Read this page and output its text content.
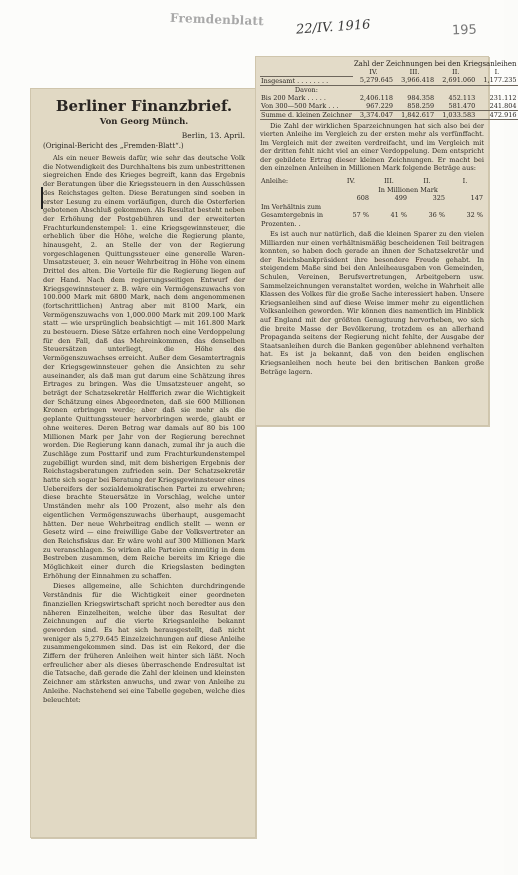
Fremdenblatt	22/IV. 1916	195
Berliner Finanzbrief.
Von Georg Münch.
Berlin, 13. April.
(Original-Bericht des „Fremden-Blatt“.)

Als ein neuer Beweis dafür, wie sehr das deutsche Volk die Notwendigkeit des Durchhaltens bis zum unbestrittenen siegreichen Ende des Krieges begreift, kann das Ergebnis der Beratungen über die Kriegssteuern in den Ausschüssen des Reichstages gelten. Diese Beratungen sind soeben in erster Lesung zu einem vorläufigen, durch die Osterferien gebotenen Abschluß gekommen. Als Resultat besteht neben der Erhöhung der Postgebühren und der erweiterten Frachturkundenstempel: 1. eine Kriegsgewinnsteuer, die erheblich über die Höhe, welche die Regierung plante, hinausgeht, 2. an Stelle der von der Regierung vorgeschlagenen Quittungssteuer eine generelle Waren-Umsatzsteuer, 3. ein neuer Wehrbeitrag in Höhe von einem Drittel des alten. Die Vorteile für die Regierung liegen auf der Hand. Nach dem regierungsseitigen Entwurf der Kriegsgewinnsteuer z. B. wäre ein Vermögenszuwachs von 100.000 Mark mit 6800 Mark, nach dem angenommenen (fortschrittlichen) Antrag aber mit 8100 Mark, ein Vermögenszuwachs von 1,000.000 Mark mit 209.100 Mark statt — wie ursprünglich beabsichtigt — mit 161.800 Mark zu besteuern. Diese Sätze erfahren noch eine Verdoppelung für den Fall, daß das Mehreinkommen, das denselben Steuersätzen unterliegt, die Höhe des Vermögenszuwachses erreicht. Außer dem Gesamtertragnis der Kriegsgewinnsteuer gehen die Ansichten zu sehr auseinander, als daß man gut darum eine Schätzung ihres Ertrages zu bringen. Was die Umsatzsteuer angeht, so beträgt der Schatzsekretär Helfferich zwar die Wichtigkeit der Schätzung eines Abgeordneten, daß sie 600 Millionen Kronen erbringen werde; aber daß sie mehr als die geplante Quittungssteuer hervorbringen werde, glaubt er ohne weiteres. Deren Betrag war damals auf 80 bis 100 Millionen Mark per Jahr von der Regierung berechnet worden. Die Regierung kann danach, zumal ihr ja auch die Zuschläge zum Posttarif und zum Frachturkundenstempel zugebilligt wurden sind, mit dem bisherigen Ergebnis der Reichstagsberatungen zufrieden sein. Der Schatzsekretär hatte sich sogar bei Beratung der Kriegsgewinnsteuer eines Uebereifers der sozialdemokratischen Partei zu erwehren; diese brachte Steuersätze in Vorschlag, welche unter Umständen mehr als 100 Prozent, also mehr als den eigentlichen Vermögenszuwachs überhaupt, ausgemacht hätten. Der neue Wehrbeitrag endlich stellt — wenn er Gesetz wird — eine freiwillige Gabe der Volksvertreter an den Reichsfiskus dar. Er wäre wohl auf 300 Millionen Mark zu veranschlagen. So wirken alle Parteien einmütig in dem Bestreben zusammen, dem Reiche bereits im Kriege die Möglichkeit einer durch die Kriegslasten bedingten Erhöhung der Einnahmen zu schaffen.

Dieses allgemeine, alle Schichten durchdringende Verständnis für die Wichtigkeit einer geordneten finanziellen Kriegswirtschaft spricht noch beredter aus den näheren Einzelheiten, welche über das Resultat der Zeichnungen auf die vierte Kriegsanleihe bekannt geworden sind. Es hat sich herausgestellt, daß nicht weniger als 5,279.645 Einzelzeichnungen auf diese Anleihe zusammengekommen sind. Das ist ein Rekord, der die Ziffern der früheren Anleihen weit hinter sich läßt. Noch erfreulicher aber als dieses überraschende Endresultat ist die Tatsache, daß gerade die Zahl der kleinen und kleinsten Zeichner am stärksten anwuchs, und zwar von Anleihe zu Anleihe. Nachstehend sei eine Tabelle gegeben, welche dies beleuchtet:

	Zahl der Zeichnungen bei den Kriegsanleihen			
	IV.	III.	II.	I.
Insgesamt . . . . . . . .	5,279.645	3,966.418	2,691.060	1,177.235
Davon:				
Bis 200 Mark . . . . .	2,406.118	984.358	452.113	231.112
Von 300—500 Mark . . .	967.229	858.259	581.470	241.804
Summe d. kleinen Zeichner	3,374.047	1,842.617	1,033.583	472.916

Die Zahl der wirklichen Sparzeichnungen hat sich also bei der vierten Anleihe im Vergleich zu der ersten mehr als verfünffacht. Im Vergleich mit der zweiten verdreifacht, und im Vergleich mit der dritten fehlt nicht viel an einer Verdoppelung. Dem entspricht der gebildete Ertrag dieser kleinen Zeichnungen. Er macht bei den einzelnen Anleihen in Millionen Mark folgende Beträge aus:

Anleihe:	IV.	III.	II.	I.
	In Millionen Mark			
	608	499	325	147
Im Verhältnis zum Gesamtergebnis in Prozenten. .	57 %	41 %	36 %	32 %

Es ist auch nur natürlich, daß die kleinen Sparer zu den vielen Milliarden nur einen verhältnismäßig bescheidenen Teil beitragen konnten, so haben doch gerade an ihnen der Schatzsekretär und der Reichsbankpräsident ihre besondere Freude gehabt. In steigendem Maße sind bei den Anleiheausgaben von Gemeinden, Schulen, Vereinen, Berufsvertretungen, Arbeitgebern usw. Sammelzeichnungen veranstaltet worden, welche in Wahrheit alle Klassen des Volkes für die große Sache interessiert haben. Unsere Kriegsanleihen sind auf diese Weise immer mehr zu eigentlichen Volksanleihen geworden. Wir können dies namentlich im Hinblick auf England mit der größten Genugtuung hervorheben, wo sich die breite Masse der Bevölkerung, trotzdem es an allerhand Propaganda seitens der Regierung nicht fehlte, der Ausgabe der Staatsanleihen durch die Banken gegenüber ablehnend verhalten hat. Es ist ja bekannt, daß von den beiden englischen Kriegsanleihen noch heute bei den britischen Banken große Beträge lagern.
